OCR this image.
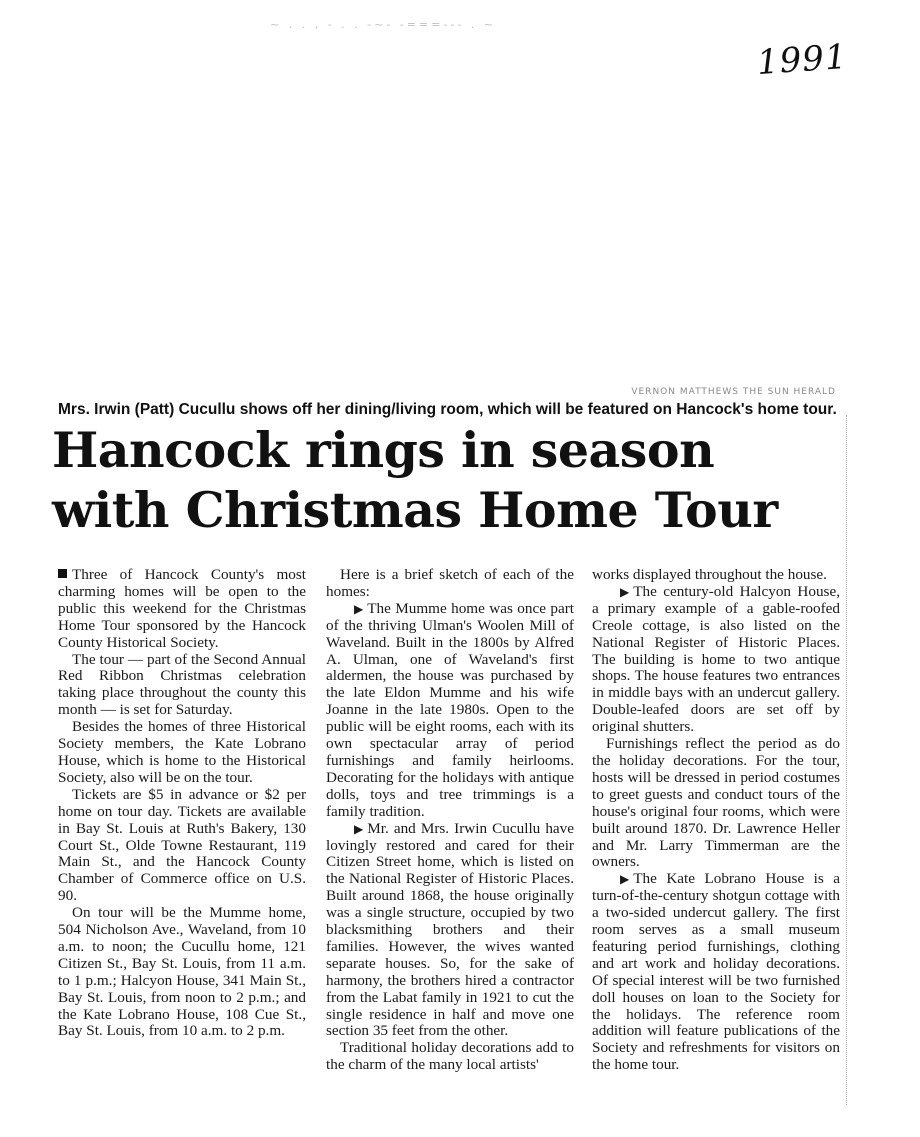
~ . . , - . . -~- -===--- . ~
1991
VERNON MATTHEWS THE SUN HERALD
Mrs. Irwin (Patt) Cucullu shows off her dining/living room, which will be featured on Hancock's home tour.
Hancock rings in season
with Christmas Home Tour

Three of Hancock County's most charming homes will be open to the public this weekend for the Christmas Home Tour sponsored by the Hancock County Historical Society.

The tour — part of the Second Annual Red Ribbon Christmas celebration taking place throughout the county this month — is set for Saturday.

Besides the homes of three Historical Society members, the Kate Lobrano House, which is home to the Historical Society, also will be on the tour.

Tickets are $5 in advance or $2 per home on tour day. Tickets are available in Bay St. Louis at Ruth's Bakery, 130 Court St., Olde Towne Restaurant, 119 Main St., and the Hancock County Chamber of Commerce office on U.S. 90.

On tour will be the Mumme home, 504 Nicholson Ave., Waveland, from 10 a.m. to noon; the Cucullu home, 121 Citizen St., Bay St. Louis, from 11 a.m. to 1 p.m.; Halcyon House, 341 Main St., Bay St. Louis, from noon to 2 p.m.; and the Kate Lobrano House, 108 Cue St., Bay St. Louis, from 10 a.m. to 2 p.m.

Here is a brief sketch of each of the homes:

▶ The Mumme home was once part of the thriving Ulman's Woolen Mill of Waveland. Built in the 1800s by Alfred A. Ulman, one of Waveland's first aldermen, the house was purchased by the late Eldon Mumme and his wife Joanne in the late 1980s. Open to the public will be eight rooms, each with its own spectacular array of period furnishings and family heirlooms. Decorating for the holidays with antique dolls, toys and tree trimmings is a family tradition.

▶ Mr. and Mrs. Irwin Cucullu have lovingly restored and cared for their Citizen Street home, which is listed on the National Register of Historic Places. Built around 1868, the house originally was a single structure, occupied by two blacksmithing brothers and their families. However, the wives wanted separate houses. So, for the sake of harmony, the brothers hired a contractor from the Labat family in 1921 to cut the single residence in half and move one section 35 feet from the other.

Traditional holiday decorations add to the charm of the many local artists'

works displayed throughout the house.

▶ The century-old Halcyon House, a primary example of a gable-roofed Creole cottage, is also listed on the National Register of Historic Places. The building is home to two antique shops. The house features two entrances in middle bays with an undercut gallery. Double-leafed doors are set off by original shutters.

Furnishings reflect the period as do the holiday decorations. For the tour, hosts will be dressed in period costumes to greet guests and conduct tours of the house's original four rooms, which were built around 1870. Dr. Lawrence Heller and Mr. Larry Timmerman are the owners.

▶ The Kate Lobrano House is a turn-of-the-century shotgun cottage with a two-sided undercut gallery. The first room serves as a small museum featuring period furnishings, clothing and art work and holiday decorations. Of special interest will be two furnished doll houses on loan to the Society for the holidays. The reference room addition will feature publications of the Society and refreshments for visitors on the home tour.
